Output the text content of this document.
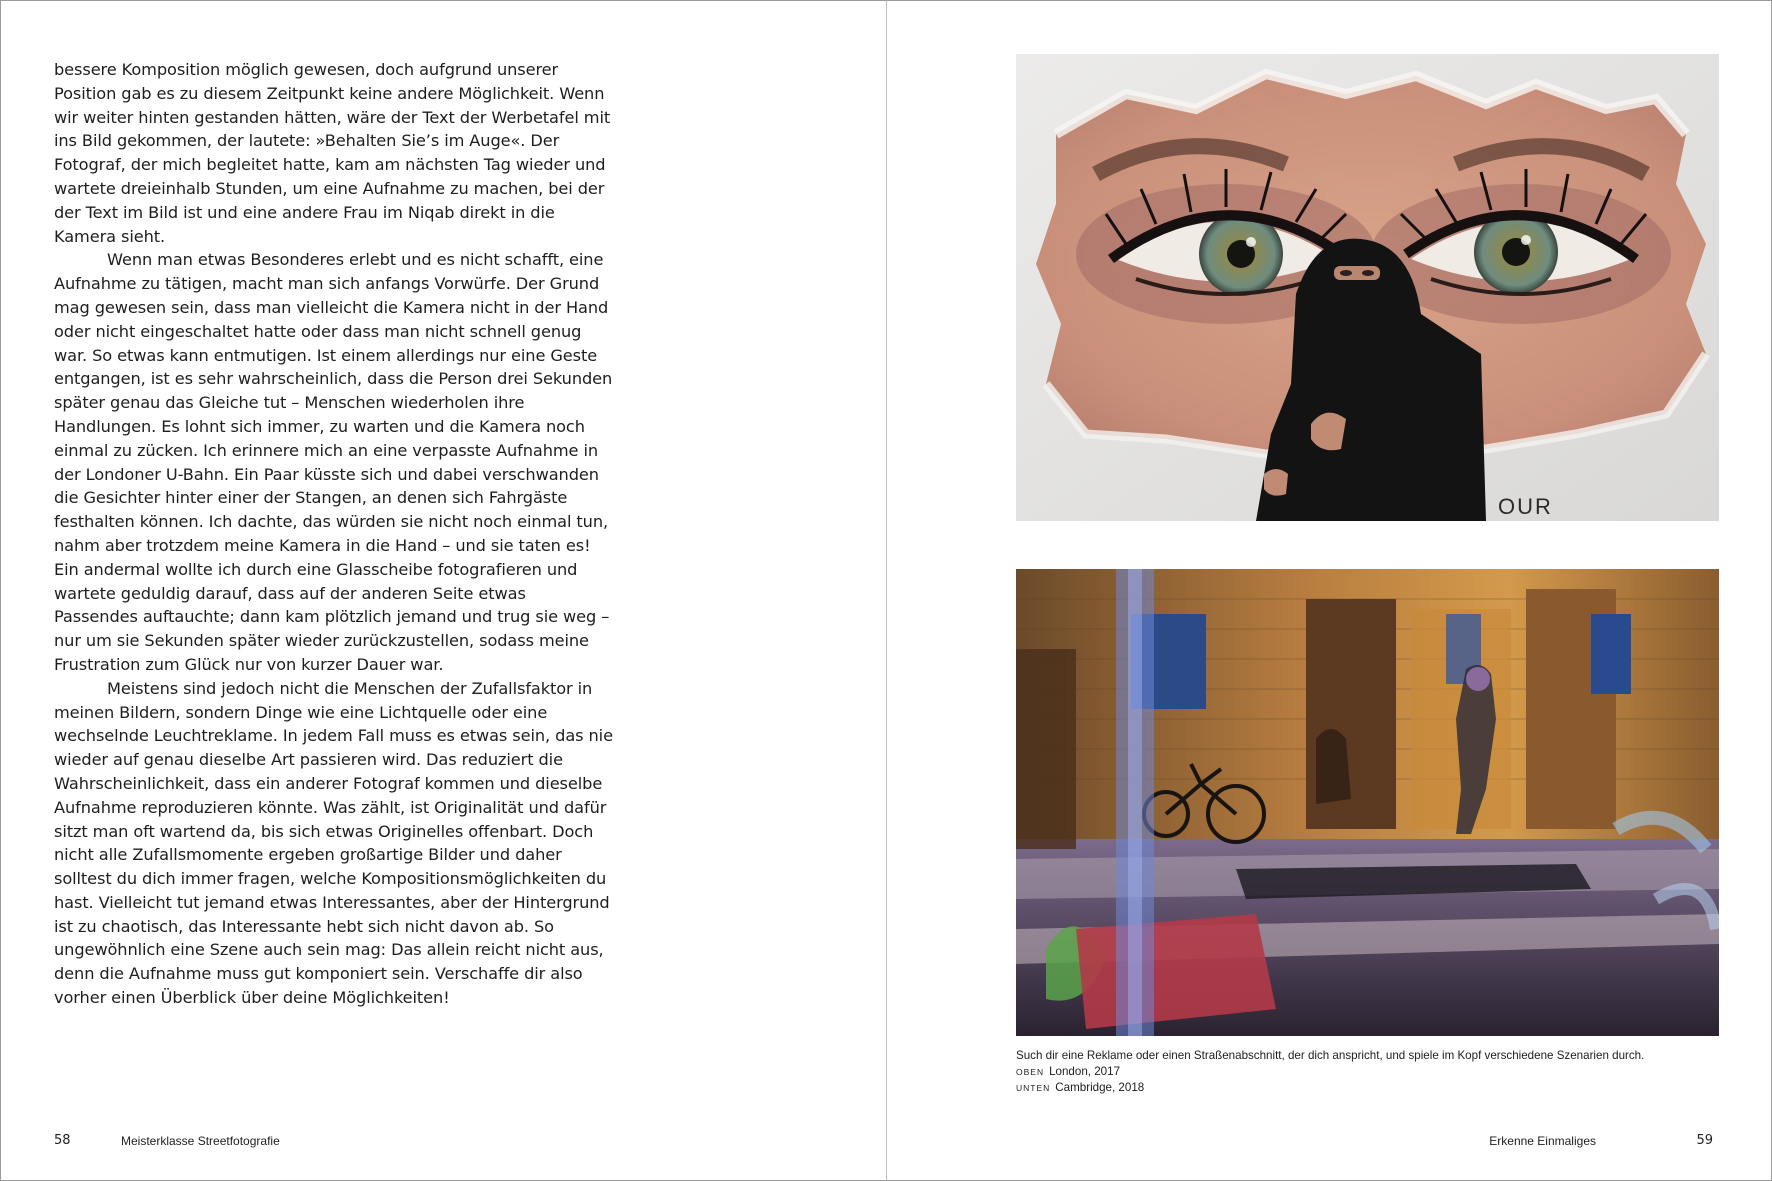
bessere Komposition möglich gewesen, doch aufgrund unserer Position gab es zu diesem Zeitpunkt keine andere Möglichkeit. Wenn wir weiter hinten gestanden hätten, wäre der Text der Werbetafel mit ins Bild gekommen, der lautete: »Behalten Sie’s im Auge«. Der Fotograf, der mich begleitet hatte, kam am nächsten Tag wieder und wartete dreieinhalb Stunden, um eine Aufnahme zu machen, bei der der Text im Bild ist und eine andere Frau im Niqab direkt in die Kamera sieht.

Wenn man etwas Besonderes erlebt und es nicht schafft, eine Aufnahme zu tätigen, macht man sich anfangs Vorwürfe. Der Grund mag gewesen sein, dass man vielleicht die Kamera nicht in der Hand oder nicht eingeschaltet hatte oder dass man nicht schnell genug war. So etwas kann entmutigen. Ist einem allerdings nur eine Geste entgangen, ist es sehr wahrscheinlich, dass die Person drei Sekunden später genau das Gleiche tut – Menschen wiederholen ihre Handlungen. Es lohnt sich immer, zu warten und die Kamera noch einmal zu zücken. Ich erinnere mich an eine verpasste Aufnahme in der Londoner U-Bahn. Ein Paar küsste sich und dabei verschwanden die Gesichter hinter einer der Stangen, an denen sich Fahrgäste festhalten können. Ich dachte, das würden sie nicht noch einmal tun, nahm aber trotzdem meine Kamera in die Hand – und sie taten es! Ein andermal wollte ich durch eine Glasscheibe fotografieren und wartete geduldig darauf, dass auf der anderen Seite etwas Passendes auftauchte; dann kam plötzlich jemand und trug sie weg – nur um sie Sekunden später wieder zurückzustellen, sodass meine Frustration zum Glück nur von kurzer Dauer war.

Meistens sind jedoch nicht die Menschen der Zufallsfaktor in meinen Bildern, sondern Dinge wie eine Lichtquelle oder eine wechselnde Leuchtreklame. In jedem Fall muss es etwas sein, das nie wieder auf genau dieselbe Art passieren wird. Das reduziert die Wahrscheinlichkeit, dass ein anderer Fotograf kommen und dieselbe Aufnahme reproduzieren könnte. Was zählt, ist Originalität und dafür sitzt man oft wartend da, bis sich etwas Originelles offenbart. Doch nicht alle Zufallsmomente ergeben großartige Bilder und daher solltest du dich immer fragen, welche Kompositionsmöglichkeiten du hast. Vielleicht tut jemand etwas Interessantes, aber der Hintergrund ist zu chaotisch, das Interessante hebt sich nicht davon ab. So ungewöhnlich eine Szene auch sein mag: Das allein reicht nicht aus, denn die Aufnahme muss gut komponiert sein. Verschaffe dir also vorher einen Überblick über deine Möglichkeiten!

58	Meisterklasse Streetfotografie
OUR
Such dir eine Reklame oder einen Straßenabschnitt, der dich anspricht, und spiele im Kopf verschiedene Szenarien durch.
OBEN London, 2017
UNTEN Cambridge, 2018
Erkenne Einmaliges	59
